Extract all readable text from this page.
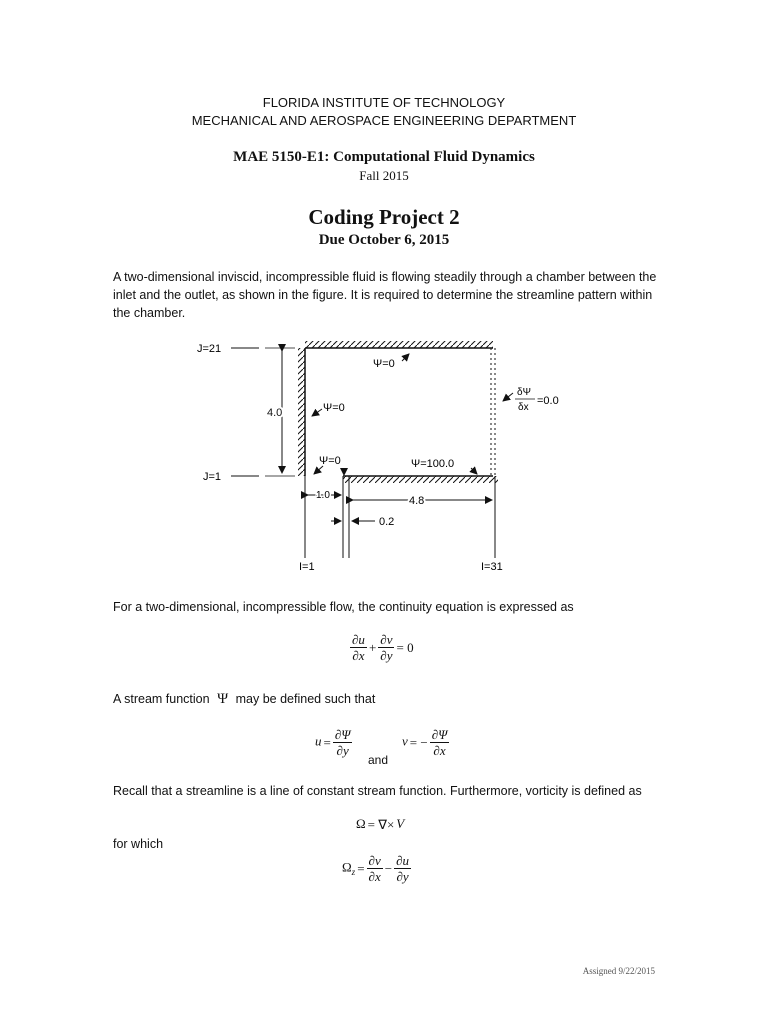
FLORIDA INSTITUTE OF TECHNOLOGY
MECHANICAL AND AEROSPACE ENGINEERING DEPARTMENT
MAE 5150-E1: Computational Fluid Dynamics
Fall 2015
Coding Project 2
Due October 6, 2015
A two-dimensional inviscid, incompressible fluid is flowing steadily through a chamber between the inlet and the outlet, as shown in the figure. It is required to determine the streamline pattern within the chamber.
J=21
J=1
4.0
Ψ=0
Ψ=0
Ψ=0	Ψ=100.0
δΨ
δx
=0.0
1.0	4.8
0.2
I=1	I=31
For a two-dimensional, incompressible flow, the continuity equation is expressed as
$\frac{\partial u}{\partial x} + \frac{\partial v}{\partial y} = 0$
A stream function Ψ may be defined such that
$u = \frac{\partial\Psi}{\partial y}$
and
v = − $\frac{\partial\Psi}{\partial x}$
Recall that a streamline is a line of constant stream function. Furthermore, vorticity is defined as
Ω = ∇× V
for which
$\Omega_z = \frac{\partial v}{\partial x} - \frac{\partial u}{\partial y}$
Assigned 9/22/2015
